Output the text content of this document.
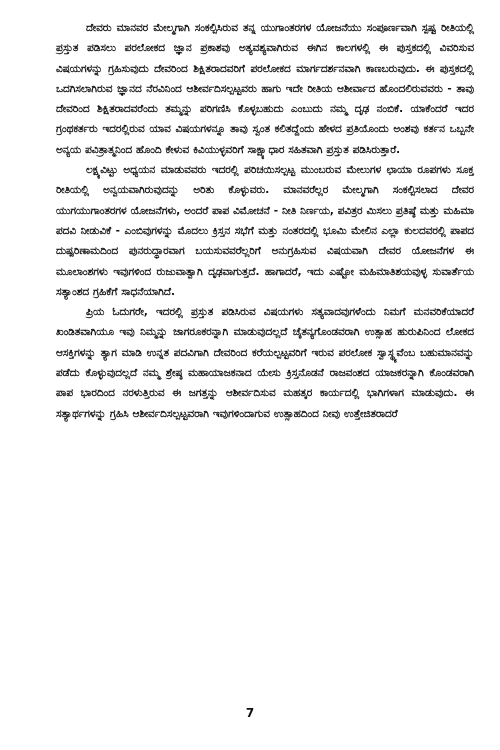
ದೇವರು ಮಾನವರ ಮೇಲ್ಮಗಾಗಿ ಸಂಕಲ್ಪಿಸಿರುವ ತನ್ನ ಯುಗಾಂತರಗಳ ಯೋಜನೆಯು ಸಂಪೂರ್ಣವಾಗಿ ಸ್ಪಷ್ಟ ರೀತಿಯಲ್ಲಿ ಪ್ರಸ್ತುತ ಪಡಿಸಲು ಪರಲೋಕದ ಜ್ಞಾನ ಪ್ರಕಾಶವು ಅತ್ಯವಶ್ಯವಾಗಿರುವ ಈಗಿನ ಕಾಲಗಳಲ್ಲಿ ಈ ಪುಸ್ತಕದಲ್ಲಿ ವಿವರಿಸುವ ವಿಷಯಗಳನ್ನು ಗ್ರಹಿಸುವುದು ದೇವರಿಂದ ಶಿಕ್ಷಿತರಾದವರಿಗೆ ಪರಲೋಕದ ಮಾರ್ಗದರ್ಶನವಾಗಿ ಕಾಣಬರುವುದು. ಈ ಪುಸ್ತಕದಲ್ಲಿ ಒದಗಿಸಲಾಗಿರುವ ಜ್ಞಾನದ ನೆರವಿನಿಂದ ಆಶೀರ್ವದಿಸಲ್ಪಟ್ಟವರು ಹಾಗು ಇದೇ ರೀತಿಯ ಆಶೀರ್ವಾದ ಹೊಂದಲಿರುವವರು - ತಾವು ದೇವರಿಂದ ಶಿಕ್ಷಿತರಾದವರೆಂದು ತಮ್ಮನ್ನು ಪರಿಗಣಿಸಿ ಕೊಳ್ಳಬಹುದು ಎಂಬುದು ನಮ್ಮ ದೃಢ ನಂಬಿಕೆ. ಯಾಕೆಂದರೆ ಇದರ ಗ್ರಂಥಕರ್ತರು ಇದರಲ್ಲಿರುವ ಯಾವ ವಿಷಯಗಳನ್ನೂ ತಾವು ಸ್ವಂತ ಕಲಿತದ್ದೆಂದು ಹೇಳದ ಪ್ರತಿಯೊಂದು ಅಂಶವು ಕರ್ತನ ಒಬ್ಬನೇ ಅನ್ಯಯ ಪವಿತ್ರಾತ್ಮನಿಂದ ಹೊಂದಿ ಕೇಳುವ ಕಿವಿಯುಳ್ಳವರಿಗೆ ಸಾಕ್ಷ್ಯಾಧಾರ ಸಹಿತವಾಗಿ ಪ್ರಸ್ತುತ ಪಡಿಸಿರುತ್ತಾರೆ.

ಲಕ್ಷ್ಯವಿಟ್ಟು ಅಧ್ಯಯನ ಮಾಡುವವರು ಇದರಲ್ಲಿ ಪರಿಚಯಿಸಲ್ಪಟ್ಟ ಮುಂಬರುವ ಮೇಲುಗಳ ಛಾಯಾ ರೂಪಗಳು ಸೂಕ್ತ ರೀತಿಯಲ್ಲಿ ಅನ್ವಯವಾಗಿರುವುದನ್ನು ಅರಿತು ಕೊಳ್ಳುವರು. ಮಾನವರೆಲ್ಲರ ಮೇಲ್ಮಗಾಗಿ ಸಂಕಲ್ಪಿಸಲಾದ ದೇವರ ಯುಗಯುಗಾಂತರಗಳ ಯೋಜನೆಗಳು, ಅಂದರೆ ಪಾಪ ವಿಮೋಚನೆ - ನೀತಿ ನಿರ್ಣಯ, ಪವಿತ್ರರ ಮಿಸಲು ಪ್ರತಿಷ್ಠೆ ಮತ್ತು ಮಹಿಮಾ ಪದವಿ ನೀಡುವಿಕೆ - ಎಂಬಿವುಗಳನ್ನು ಮೊದಲು ಕ್ರಿಸ್ತನ ಸಭೆಗೆ ಮತ್ತು ನಂತರದಲ್ಲಿ ಭೂಮಿ ಮೇಲಿನ ಎಲ್ಲಾ ಕುಲದವರಲ್ಲಿ ಪಾಪದ ದುಷ್ಪರಿಣಾಮದಿಂದ ಪುನರುದ್ಧಾರವಾಗ ಬಯಸುವವರೆಲ್ಲರಿಗೆ ಅನುಗ್ರಹಿಸುವ ವಿಷಯವಾಗಿ ದೇವರ ಯೋಜನೆಗಳ ಈ ಮೂಲಾಂಶಗಳು ಇವುಗಳಿಂದ ರುಜುವಾತ್ವಾಗಿ ದೃಢವಾಗುತ್ತದೆ. ಹಾಗಾದರೆ, ಇದು ಎಷ್ಟೋ ಮಹಿಮಾತಿಶಯವುಳ್ಳ ಸುವಾರ್ತೆಯ ಸತ್ಯಾಂಶದ ಗ್ರಹಿಕೆಗೆ ಸಾಧನೆಯಾಗಿದೆ.

ಪ್ರಿಯ ಓದುಗರೇ, ಇದರಲ್ಲಿ ಪ್ರಸ್ತುತ ಪಡಿಸಿರುವ ವಿಷಯಗಳು ಸತ್ಯವಾದವುಗಳೆಂದು ನಿಮಗೆ ಮನವರಿಕೆಯಾದರೆ ಖಂಡಿತವಾಗಿಯೂ ಇವು ನಿಮ್ಮನ್ನು ಜಾಗರೂಕರನ್ನಾಗಿ ಮಾಡುವುದಲ್ಲದೆ ಚೈತನ್ಯಗೊಂಡವರಾಗಿ ಉತ್ಸಾಹ ಹುರುಪಿನಿಂದ ಲೋಕದ ಆಸಕ್ತಿಗಳನ್ನು ತ್ಯಾಗ ಮಾಡಿ ಉನ್ನತ ಪದವಿಗಾಗಿ ದೇವರಿಂದ ಕರೆಯಲ್ಪಟ್ಟವರಿಗೆ ಇರುವ ಪರಲೋಕ ಸ್ವಾಸ್ಥ್ಯವೆಂಬ ಬಹುಮಾನವನ್ನು ಪಡೆದು ಕೊಳ್ಳುವುದಲ್ಲದೆ ನಮ್ಮ ಶ್ರೇಷ್ಠ ಮಹಾಯಾಜಕನಾದ ಯೇಸು ಕ್ರಿಸ್ತನೊಡನೆ ರಾಜವಂಶದ ಯಾಜಕರನ್ನಾಗಿ ಕೊಂಡವರಾಗಿ ಪಾಪ ಭಾರದಿಂದ ನರಳುತ್ತಿರುವ ಈ ಜಗತ್ತನ್ನು ಆಶೀರ್ವದಿಸುವ ಮಹತ್ಕರ ಕಾರ್ಯದಲ್ಲಿ ಭಾಗಿಗಳಾಗ ಮಾಡುವುದು. ಈ ಸತ್ಯಾರ್ಥಗಳನ್ನು ಗ್ರಹಿಸಿ ಆಶೀರ್ವದಿಸಲ್ಪಟ್ಟವರಾಗಿ ಇವುಗಳಿಂದಾಗುವ ಉತ್ಸಾಹದಿಂದ ನೀವು ಉತ್ತೇಜಿತರಾದರೆ

7
